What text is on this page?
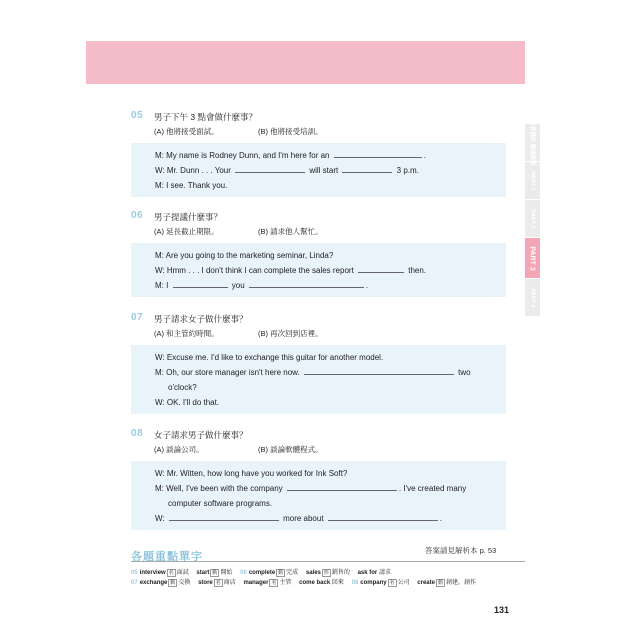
05 男子下午 3 點會做什麼事？
(A) 他將接受面試。	(B) 他將接受培訓。
M: My name is Rodney Dunn, and I'm here for an	.
W: Mr. Dunn . . . Your	will start	3 p.m.
M: I see. Thank you.
06 男子提議什麼事？
(A) 延長截止期限。	(B) 請求他人幫忙。
M: Are you going to the marketing seminar, Linda?
W: Hmm . . . I don't think I can complete the sales report	then.
M: I	you	.
07 男子請求女子做什麼事？
(A) 和主管約時間。	(B) 再次回到店裡。
W: Excuse me. I'd like to exchange this guitar for another model.
M: Oh, our store manager isn't here now.	two
o'clock?
W: OK. I'll do that.
08 女子請求男子做什麼事？
(A) 談論公司。	(B) 談論軟體程式。
W: Mr. Witten, how long have you worked for Ink Soft?
M: Well, I've been with the company	. I've created many
computer software programs.
W:	more about	.
全真模試 聽讀挑戰
PART 1
PART 2
PART 3
PART 4
各題重點單字
答案請見解析本 p. 53
05 interview 名 面試 start 動 開始 06 complete 動 完成 sales 形 銷售的 ask for 請求
07 exchange 動 交換 store 名 商店 manager 名 主管 come back 回來 08 company 名 公司 create 動 創建，創作
131
